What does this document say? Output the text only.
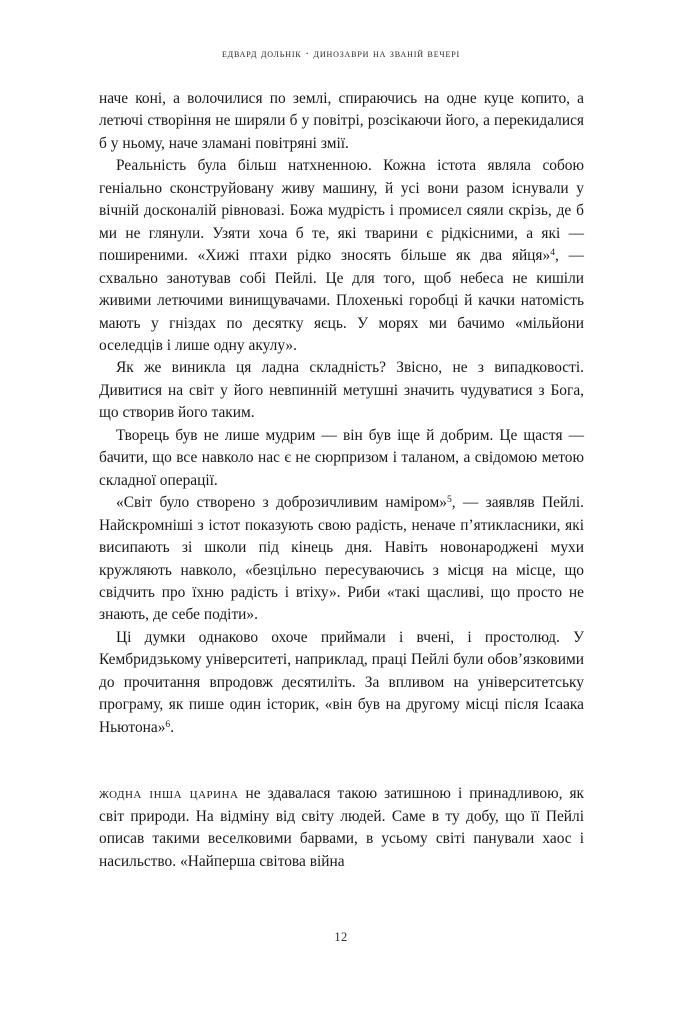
едвард дольнік · динозаври на званій вечері

наче коні, а волочилися по землі, спираючись на одне куце копито, а летючі створіння не ширяли б у повітрі, розсікаючи його, а перекидалися б у ньому, наче зламані повітряні змії.

Реальність була більш натхненною. Кожна істота являла собою геніально сконструйовану живу машину, й усі вони разом існували у вічній досконалій рівновазі. Божа мудрість і промисел сяяли скрізь, де б ми не глянули. Узяти хоча б те, які тварини є рідкісними, а які — поширеними. «Хижі птахи рідко зносять більше як два яйця»$^4$, — схвально занотував собі Пейлі. Це для того, щоб небеса не кишіли живими летючими винищувачами. Плохенькі горобці й качки натомість мають у гніздах по десятку яєць. У морях ми бачимо «мільйони оселедців і лише одну акулу».

Як же виникла ця ладна складність? Звісно, не з випадковості. Дивитися на світ у його невпинній метушні значить чудуватися з Бога, що створив його таким.

Творець був не лише мудрим — він був іще й добрим. Це щастя — бачити, що все навколо нас є не сюрпризом і таланом, а свідомою метою складної операції.

«Світ було створено з доброзичливим наміром»$^5$, — заявляв Пейлі. Найскромніші з істот показують свою радість, неначе п’ятикласники, які висипають зі школи під кінець дня. Навіть новонароджені мухи кружляють навколо, «безцільно пересуваючись з місця на місце, що свідчить про їхню радість і втіху». Риби «такі щасливі, що просто не знають, де себе подіти».

Ці думки однаково охоче приймали і вчені, і простолюд. У Кембридзькому університеті, наприклад, праці Пейлі були обов’язковими до прочитання впродовж десятиліть. За впливом на університетську програму, як пише один історик, «він був на другому місці після Ісаака Ньютона»$^6$.

жодна інша царина не здавалася такою затишною і принадливою, як світ природи. На відміну від світу людей. Саме в ту добу, що її Пейлі описав такими веселковими барвами, в усьому світі панували хаос і насильство. «Найперша світова війна

12
